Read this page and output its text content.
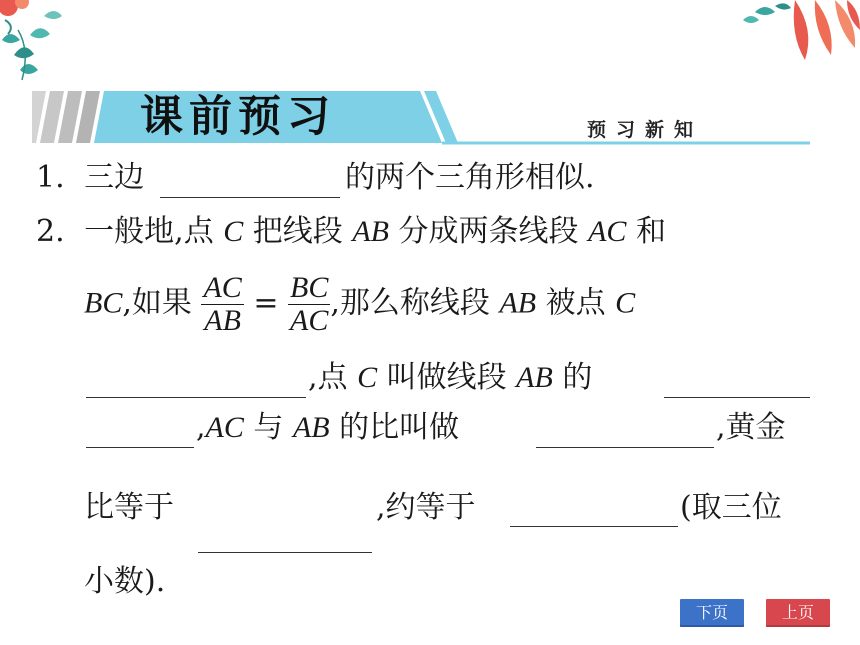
课前预习	预习新知
1. 三边	的两个三角形相似.
2. 一般地,点 C 把线段 AB 分成两条线段 AC 和
BC,如果 $\frac{AC}{AB} = \frac{BC}{AC}$ ,那么称线段 AB 被点 C
,点 C 叫做线段 AB 的
,AC 与 AB 的比叫做	,黄金
比等于	,约等于	(取三位
小数).
下页	上页
